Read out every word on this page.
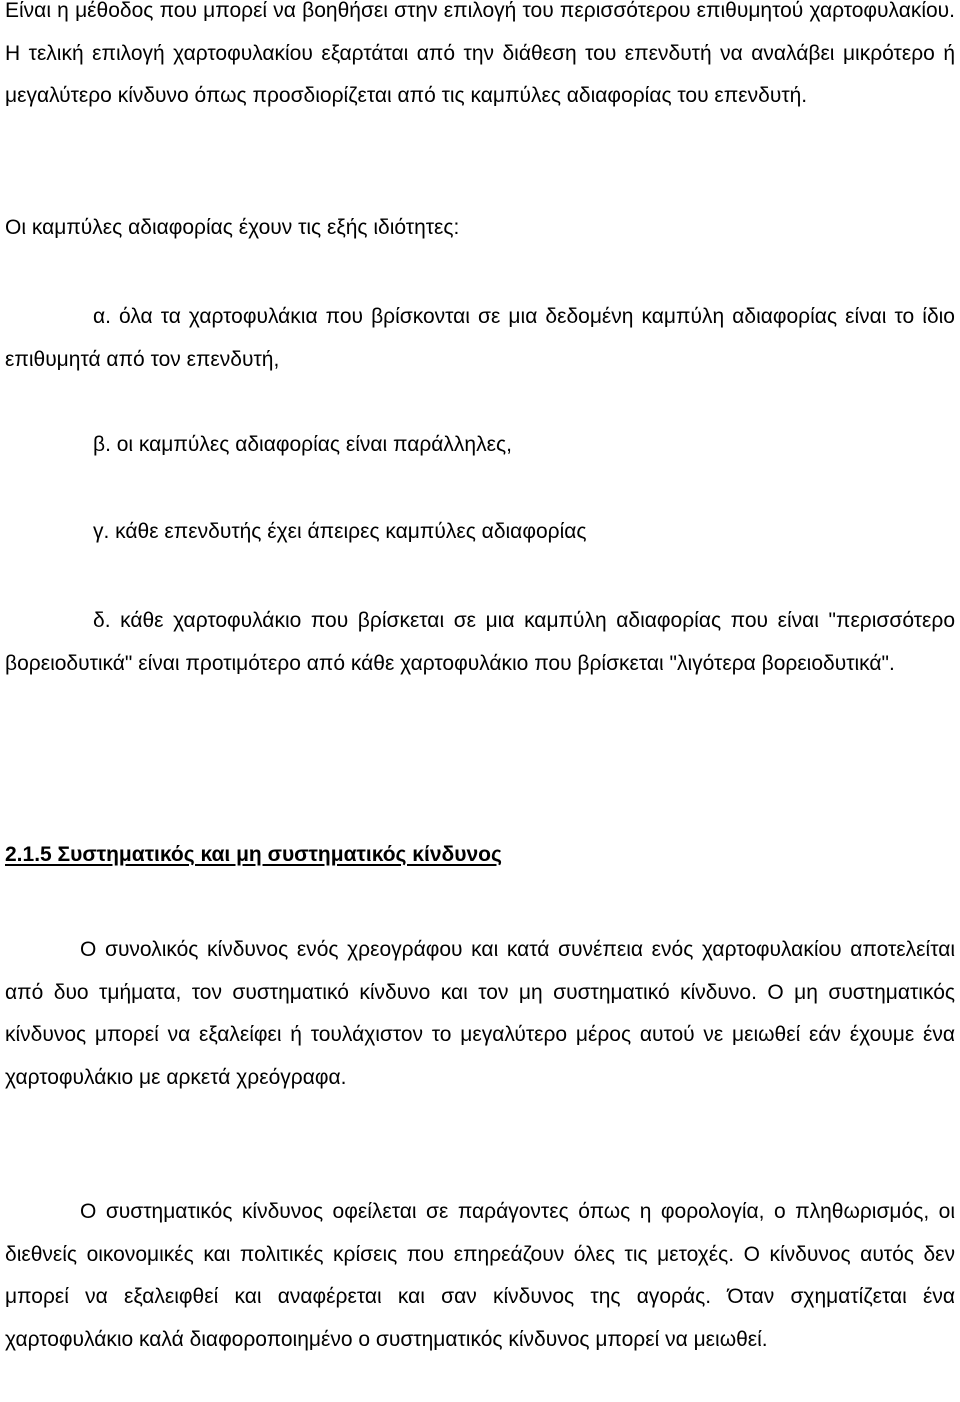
Είναι η μέθοδος που μπορεί να βοηθήσει στην επιλογή του περισσότερου επιθυμητού χαρτοφυλακίου. Η τελική επιλογή χαρτοφυλακίου εξαρτάται από την διάθεση του επενδυτή να αναλάβει μικρότερο ή μεγαλύτερο κίνδυνο όπως προσδιορίζεται από τις καμπύλες αδιαφορίας του επενδυτή.

Οι καμπύλες αδιαφορίας έχουν τις εξής ιδιότητες:

α. όλα τα χαρτοφυλάκια που βρίσκονται σε μια δεδομένη καμπύλη αδιαφορίας είναι το ίδιο επιθυμητά από τον επενδυτή,

β. οι καμπύλες αδιαφορίας είναι παράλληλες,

γ. κάθε επενδυτής έχει άπειρες καμπύλες αδιαφορίας

δ. κάθε χαρτοφυλάκιο που βρίσκεται σε μια καμπύλη αδιαφορίας που είναι "περισσότερο βορειοδυτικά" είναι προτιμότερο από κάθε χαρτοφυλάκιο που βρίσκεται "λιγότερα βορειοδυτικά".

2.1.5 Συστηματικός και μη συστηματικός κίνδυνος

Ο συνολικός κίνδυνος ενός χρεογράφου και κατά συνέπεια ενός χαρτοφυλακίου αποτελείται από δυο τμήματα, τον συστηματικό κίνδυνο και τον μη συστηματικό κίνδυνο. Ο μη συστηματικός κίνδυνος μπορεί να εξαλείφει ή τουλάχιστον το μεγαλύτερο μέρος αυτού νε μειωθεί εάν έχουμε ένα χαρτοφυλάκιο με αρκετά χρεόγραφα.

Ο συστηματικός κίνδυνος οφείλεται σε παράγοντες όπως η φορολογία, ο πληθωρισμός, οι διεθνείς οικονομικές και πολιτικές κρίσεις που επηρεάζουν όλες τις μετοχές. Ο κίνδυνος αυτός δεν μπορεί να εξαλειφθεί και αναφέρεται και σαν κίνδυνος της αγοράς. Όταν σχηματίζεται ένα χαρτοφυλάκιο καλά διαφοροποιημένο ο συστηματικός κίνδυνος μπορεί να μειωθεί.
